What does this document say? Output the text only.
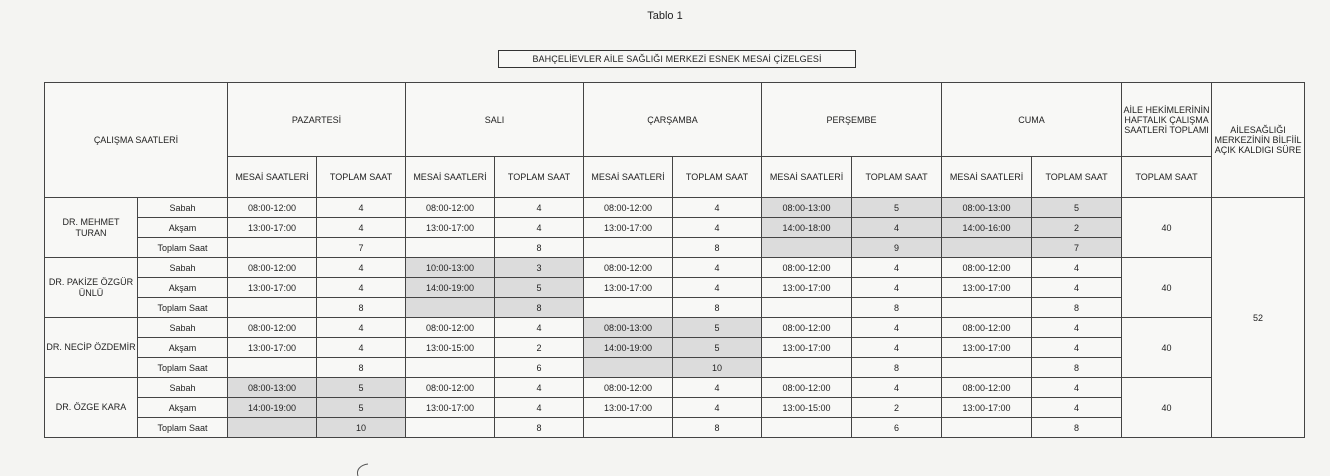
Tablo 1
BAHÇELİEVLER AİLE SAĞLIĞI MERKEZİ ESNEK MESAİ ÇİZELGESİ
ÇALIŞMA SAATLERİ		PAZARTESİ		SALI		ÇARŞAMBA		PERŞEMBE		CUMA		AİLE HEKİMLERİNİN HAFTALIK ÇALIŞMA SAATLERİ TOPLAMI	AİLESAĞLIĞI MERKEZİNİN BİLFİİL AÇIK KALDIGI SÜRE
		MESAİ SAATLERİ	TOPLAM SAAT	MESAİ SAATLERİ	TOPLAM SAAT	MESAİ SAATLERİ	TOPLAM SAAT	MESAİ SAATLERİ	TOPLAM SAAT	MESAİ SAATLERİ	TOPLAM SAAT	TOPLAM SAAT	
DR. MEHMET TURAN	Sabah	08:00-12:00	4	08:00-12:00	4	08:00-12:00	4	08:00-13:00	5	08:00-13:00	5	40	52
	Akşam	13:00-17:00	4	13:00-17:00	4	13:00-17:00	4	14:00-18:00	4	14:00-16:00	2		
	Toplam Saat		7		8		8		9		7		
DR. PAKİZE ÖZGÜR ÜNLÜ	Sabah	08:00-12:00	4	10:00-13:00	3	08:00-12:00	4	08:00-12:00	4	08:00-12:00	4	40	
	Akşam	13:00-17:00	4	14:00-19:00	5	13:00-17:00	4	13:00-17:00	4	13:00-17:00	4		
	Toplam Saat		8		8		8		8		8		
DR. NECİP ÖZDEMİR	Sabah	08:00-12:00	4	08:00-12:00	4	08:00-13:00	5	08:00-12:00	4	08:00-12:00	4	40	
	Akşam	13:00-17:00	4	13:00-15:00	2	14:00-19:00	5	13:00-17:00	4	13:00-17:00	4		
	Toplam Saat		8		6		10		8		8		
DR. ÖZGE KARA	Sabah	08:00-13:00	5	08:00-12:00	4	08:00-12:00	4	08:00-12:00	4	08:00-12:00	4	40	
	Akşam	14:00-19:00	5	13:00-17:00	4	13:00-17:00	4	13:00-15:00	2	13:00-17:00	4		
	Toplam Saat		10		8		8		6		8		
